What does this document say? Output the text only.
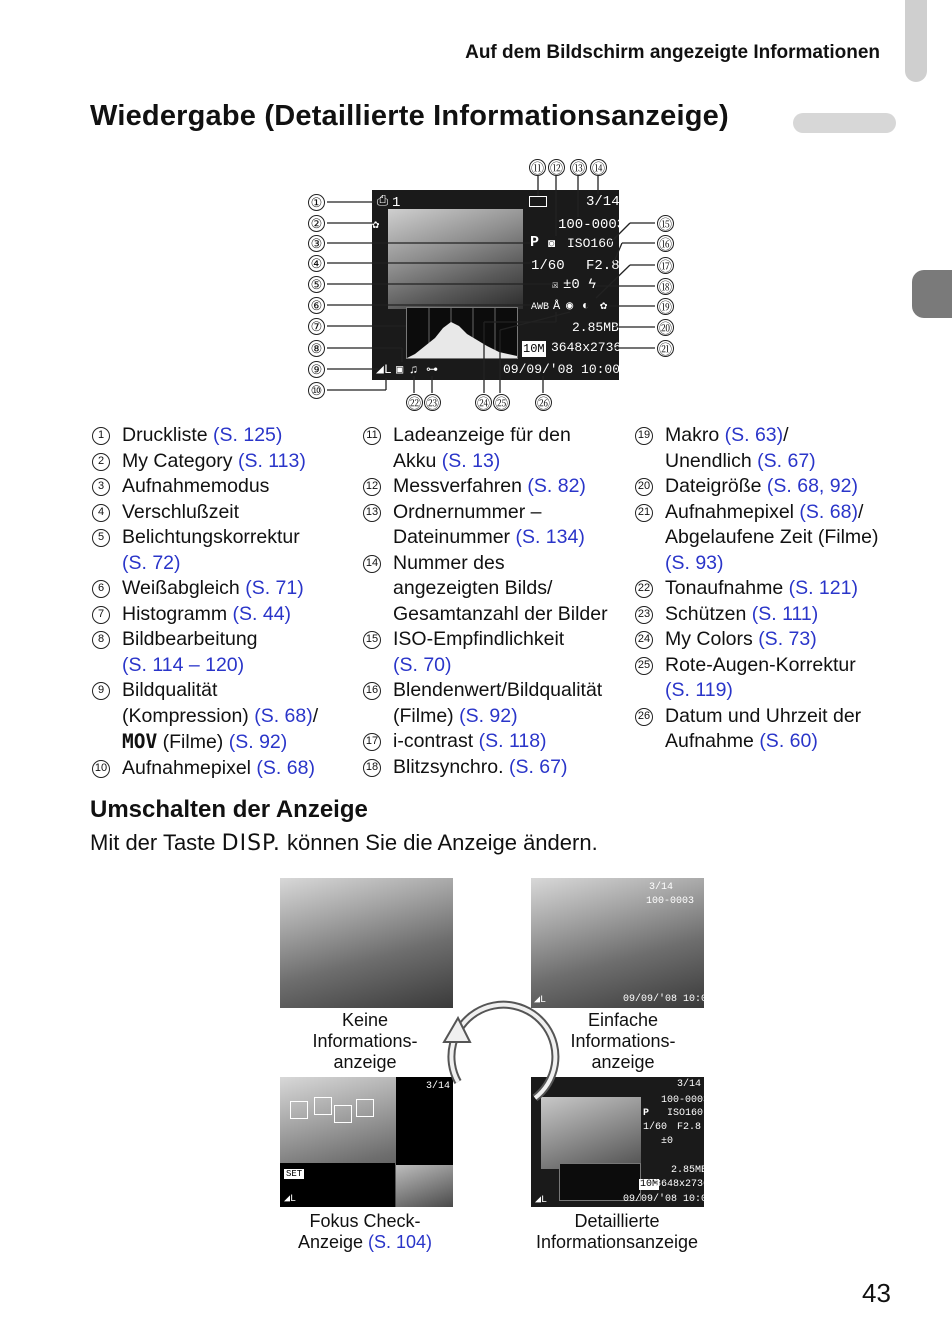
Auf dem Bildschirm angezeigte Informationen
Wiedergabe (Detaillierte Informationsanzeige)
⎙ 1
✿
3/14
100-0003
P ◙ ISO160
1/60 F2.8
☒ ±0 ϟ
AWB Å ◉ ◐ ✿
2.85MB
10M 3648x2736
◢L ▣ ♫ ⊶	09/09/'08 10:00
①
②
③
④
⑤
⑥
⑦
⑧
⑨
⑩
⑪ ⑫ ⑬ ⑭
⑮
⑯
⑰
⑱
⑲
⑳
㉑
㉒ ㉓	㉔ ㉕ ㉖
1 Druckliste (S. 125)
2 My Category (S. 113)
3 Aufnahmemodus
4 Verschlußzeit
5 Belichtungskorrektur
(S. 72)
6 Weißabgleich (S. 71)
7 Histogramm (S. 44)
8 Bildbearbeitung
(S. 114 – 120)
9 Bildqualität
(Kompression) (S. 68)/
MOV (Filme) (S. 92)
10 Aufnahmepixel (S. 68)
11 Ladeanzeige für den
Akku (S. 13)
12 Messverfahren (S. 82)
13 Ordnernummer –
Dateinummer (S. 134)
14 Nummer des
angezeigten Bilds/
Gesamtanzahl der Bilder
15 ISO-Empfindlichkeit
(S. 70)
16 Blendenwert/Bildqualität
(Filme) (S. 92)
17 i-contrast (S. 118)
18 Blitzsynchro. (S. 67)
19 Makro (S. 63)/
Unendlich (S. 67)
20 Dateigröße (S. 68, 92)
21 Aufnahmepixel (S. 68)/
Abgelaufene Zeit (Filme)
(S. 93)
22 Tonaufnahme (S. 121)
23 Schützen (S. 111)
24 My Colors (S. 73)
25 Rote-Augen-Korrektur
(S. 119)
26 Datum und Uhrzeit der
Aufnahme (S. 60)
Umschalten der Anzeige
Mit der Taste DISP. können Sie die Anzeige ändern.
3/14
100-0003
◢L	09/09/'08 10:00
3/14
SET
◢L
3/14
100-0003
P ISO160
1/60 F2.8
±0
2.85MB
10M
3648x2736
◢L	09/09/'08 10:00
Keine
Informations-
anzeige
Einfache
Informations-
anzeige
Fokus Check-
Anzeige (S. 104)
Detaillierte
Informationsanzeige
43
